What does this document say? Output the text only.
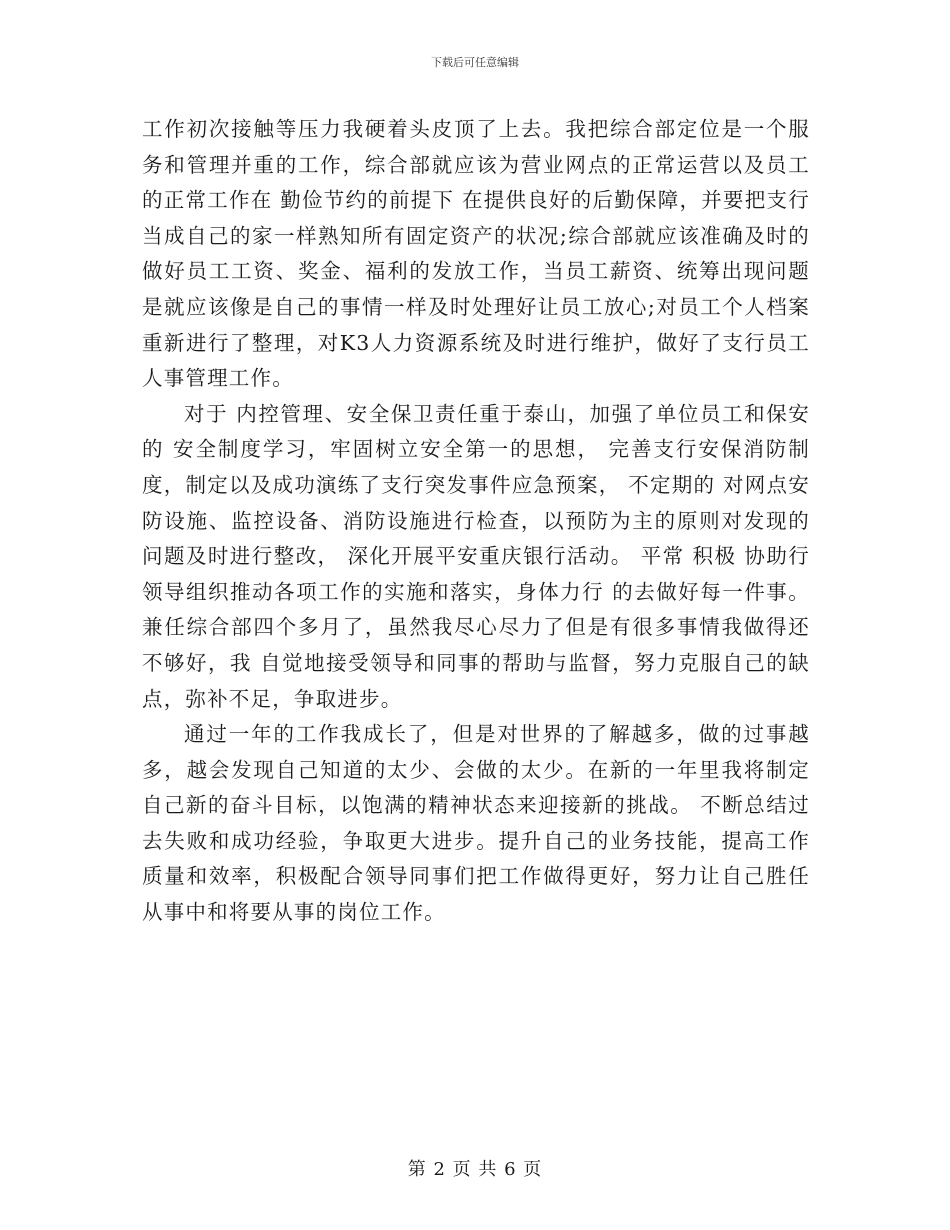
下载后可任意编辑

工作初次接触等压力我硬着头皮顶了上去。我把综合部定位是一个服务和管理并重的工作，综合部就应该为营业网点的正常运营以及员工的正常工作在 勤俭节约的前提下 在提供良好的后勤保障，并要把支行当成自己的家一样熟知所有固定资产的状况;综合部就应该准确及时的做好员工工资、奖金、福利的发放工作，当员工薪资、统筹出现问题是就应该像是自己的事情一样及时处理好让员工放心;对员工个人档案重新进行了整理，对K3人力资源系统及时进行维护，做好了支行员工人事管理工作。

对于 内控管理、安全保卫责任重于泰山，加强了单位员工和保安的 安全制度学习，牢固树立安全第一的思想， 完善支行安保消防制度，制定以及成功演练了支行突发事件应急预案， 不定期的 对网点安防设施、监控设备、消防设施进行检查，以预防为主的原则对发现的问题及时进行整改， 深化开展平安重庆银行活动。 平常 积极 协助行领导组织推动各项工作的实施和落实，身体力行 的去做好每一件事。 兼任综合部四个多月了，虽然我尽心尽力了但是有很多事情我做得还不够好，我 自觉地接受领导和同事的帮助与监督，努力克服自己的缺点，弥补不足，争取进步。

通过一年的工作我成长了，但是对世界的了解越多，做的过事越多，越会发现自己知道的太少、会做的太少。在新的一年里我将制定自己新的奋斗目标，以饱满的精神状态来迎接新的挑战。 不断总结过去失败和成功经验，争取更大进步。提升自己的业务技能，提高工作质量和效率，积极配合领导同事们把工作做得更好，努力让自己胜任从事中和将要从事的岗位工作。

第 2 页 共 6 页
